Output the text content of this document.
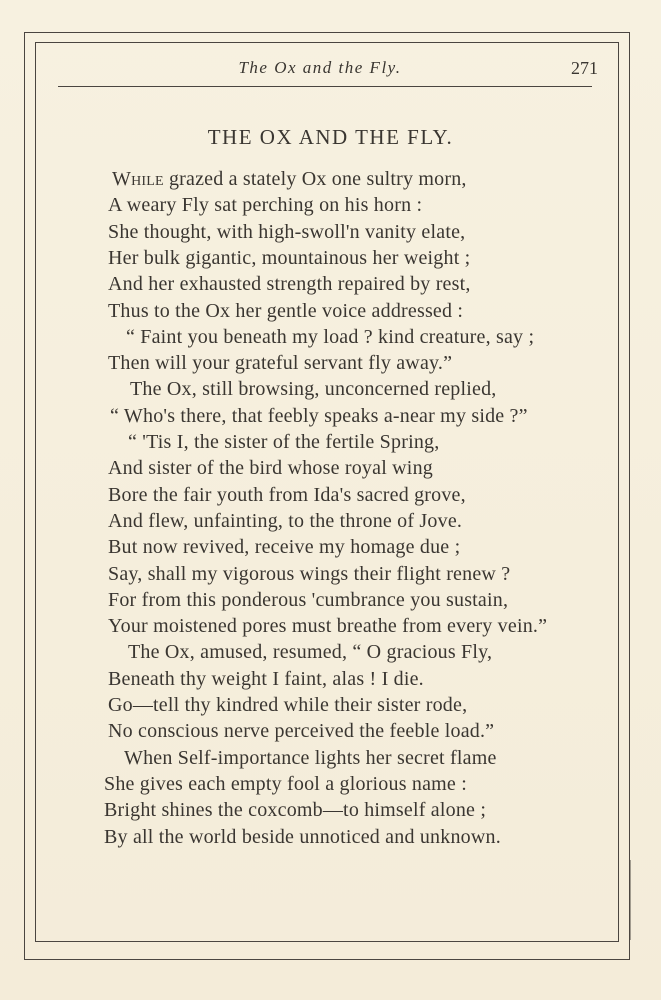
The Ox and the Fly.	271
THE OX AND THE FLY.
While grazed a stately Ox one sultry morn,
A weary Fly sat perching on his horn :
She thought, with high-swoll'n vanity elate,
Her bulk gigantic, mountainous her weight ;
And her exhausted strength repaired by rest,
Thus to the Ox her gentle voice addressed :
“ Faint you beneath my load ? kind creature, say ;
Then will your grateful servant fly away.”
The Ox, still browsing, unconcerned replied,
“ Who's there, that feebly speaks a-near my side ?”
“ 'Tis I, the sister of the fertile Spring,
And sister of the bird whose royal wing
Bore the fair youth from Ida's sacred grove,
And flew, unfainting, to the throne of Jove.
But now revived, receive my homage due ;
Say, shall my vigorous wings their flight renew ?
For from this ponderous 'cumbrance you sustain,
Your moistened pores must breathe from every vein.”
The Ox, amused, resumed, “ O gracious Fly,
Beneath thy weight I faint, alas ! I die.
Go—tell thy kindred while their sister rode,
No conscious nerve perceived the feeble load.”
When Self-importance lights her secret flame
She gives each empty fool a glorious name :
Bright shines the coxcomb—to himself alone ;
By all the world beside unnoticed and unknown.
